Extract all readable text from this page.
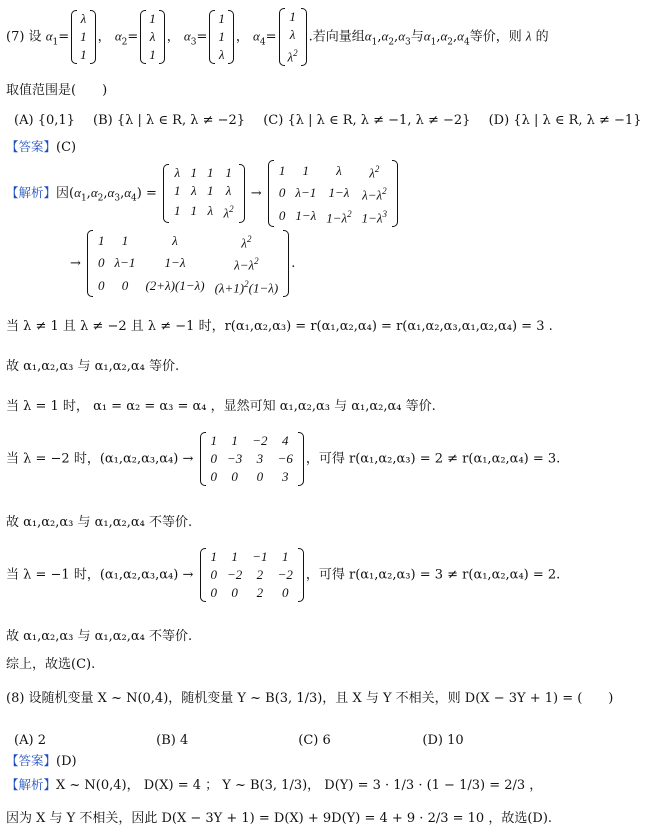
(7) 设 $\alpha_1=$
λ
1
1
， $\alpha_2=$
1
λ
1
， $\alpha_3=$
1
1
λ
， $\alpha_4=$
1
λ
$\lambda^2$
.若向量组$\alpha_1,\alpha_2,\alpha_3$与$\alpha_1,\alpha_2,\alpha_4$等价，则 λ 的
取值范围是(　　)
(A) {0,1} (B) {λ | λ ∈ R, λ ≠ −2} (C) {λ | λ ∈ R, λ ≠ −1, λ ≠ −2} (D) {λ | λ ∈ R, λ ≠ −1}
【答案】(C)
【解析】因$(\alpha_1,\alpha_2,\alpha_3,\alpha_4)$ =
λ	1	1	1
1	λ	1	λ
1	1	λ	$\lambda^2$
→
1	1	λ	$\lambda^2$
0	λ−1	1−λ	$\lambda-\lambda^2$
0	1−λ	$1-\lambda^2$	$1-\lambda^3$
→
1	1	λ	$\lambda^2$
0	λ−1	1−λ	$\lambda-\lambda^2$
0	0	(2+λ)(1−λ)	$(\lambda+1)^2(1-\lambda)$
.
当 λ ≠ 1 且 λ ≠ −2 且 λ ≠ −1 时，r(α₁,α₂,α₃) = r(α₁,α₂,α₄) = r(α₁,α₂,α₃,α₁,α₂,α₄) = 3 .
故 α₁,α₂,α₃ 与 α₁,α₂,α₄ 等价.
当 λ = 1 时， α₁ = α₂ = α₃ = α₄ ，显然可知 α₁,α₂,α₃ 与 α₁,α₂,α₄ 等价.
当 λ = −2 时，(α₁,α₂,α₃,α₄) →
1	1	−2	4
0	−3	3	−6
0	0	0	3
，可得 r(α₁,α₂,α₃) = 2 ≠ r(α₁,α₂,α₄) = 3.
故 α₁,α₂,α₃ 与 α₁,α₂,α₄ 不等价.
当 λ = −1 时，(α₁,α₂,α₃,α₄) →
1	1	−1	1
0	−2	2	−2
0	0	2	0
，可得 r(α₁,α₂,α₃) = 3 ≠ r(α₁,α₂,α₄) = 2.
故 α₁,α₂,α₃ 与 α₁,α₂,α₄ 不等价.
综上，故选(C).
(8) 设随机变量 X ~ N(0,4)，随机变量 Y ~ B(3, 1/3)，且 X 与 Y 不相关，则 D(X − 3Y + 1) = (　　)
(A) 2	(B) 4	(C) 6	(D) 10
【答案】(D)
【解析】X ~ N(0,4)， D(X) = 4 ； Y ~ B(3, 1/3)， D(Y) = 3 · 1/3 · (1 − 1/3) = 2/3 ，
因为 X 与 Y 不相关，因此 D(X − 3Y + 1) = D(X) + 9D(Y) = 4 + 9 · 2/3 = 10 ，故选(D).
